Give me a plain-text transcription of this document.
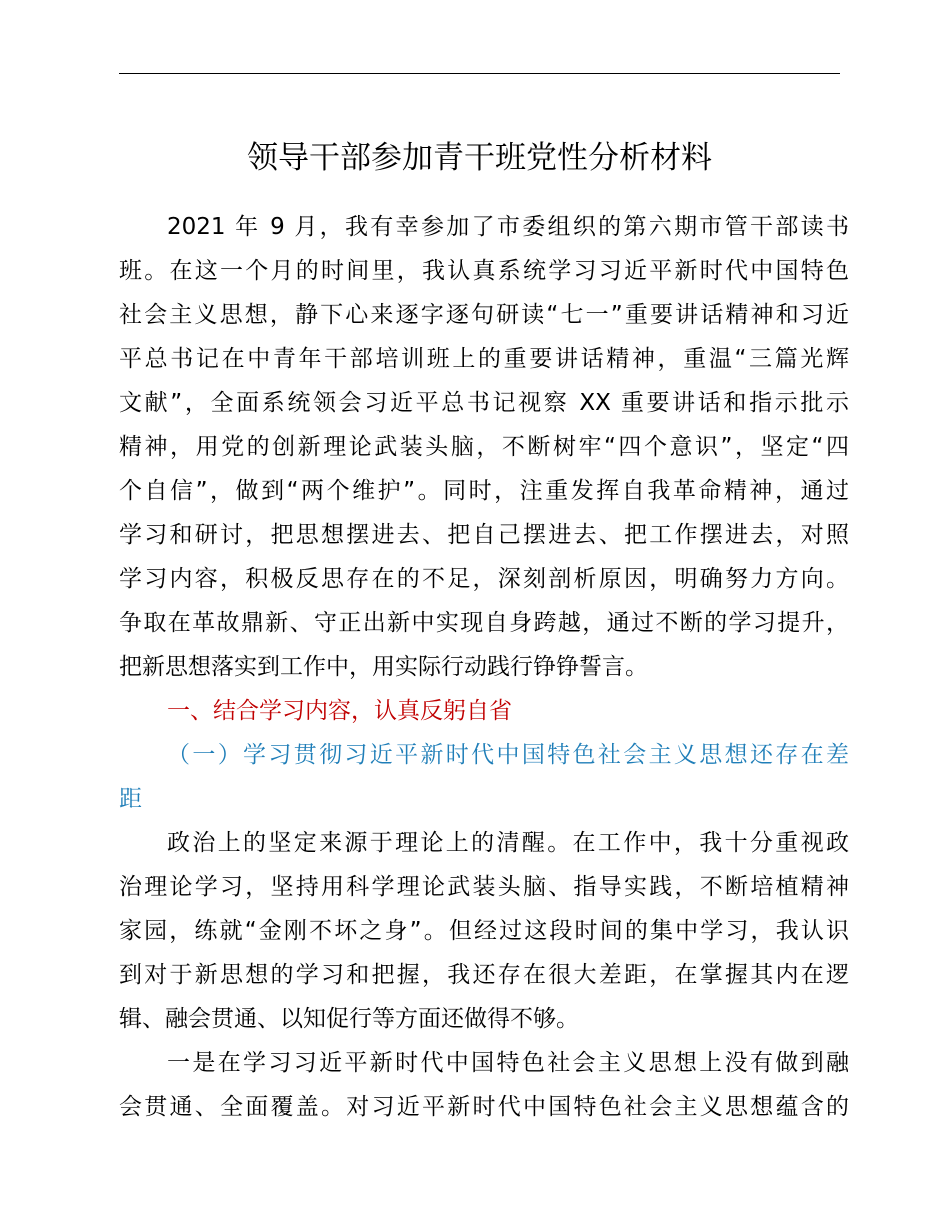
领导干部参加青干班党性分析材料
2021 年 9 月，我有幸参加了市委组织的第六期市管干部读书
班。在这一个月的时间里，我认真系统学习习近平新时代中国特色
社会主义思想，静下心来逐字逐句研读“七一”重要讲话精神和习近
平总书记在中青年干部培训班上的重要讲话精神，重温“三篇光辉
文献”，全面系统领会习近平总书记视察 XX 重要讲话和指示批示
精神，用党的创新理论武装头脑，不断树牢“四个意识”，坚定“四
个自信”，做到“两个维护”。同时，注重发挥自我革命精神，通过
学习和研讨，把思想摆进去、把自己摆进去、把工作摆进去，对照
学习内容，积极反思存在的不足，深刻剖析原因，明确努力方向。
争取在革故鼎新、守正出新中实现自身跨越，通过不断的学习提升，
把新思想落实到工作中，用实际行动践行铮铮誓言。
一、结合学习内容，认真反躬自省
（一）学习贯彻习近平新时代中国特色社会主义思想还存在差
距
政治上的坚定来源于理论上的清醒。在工作中，我十分重视政
治理论学习，坚持用科学理论武装头脑、指导实践，不断培植精神
家园，练就“金刚不坏之身”。但经过这段时间的集中学习，我认识
到对于新思想的学习和把握，我还存在很大差距，在掌握其内在逻
辑、融会贯通、以知促行等方面还做得不够。
一是在学习习近平新时代中国特色社会主义思想上没有做到融
会贯通、全面覆盖。对习近平新时代中国特色社会主义思想蕴含的
